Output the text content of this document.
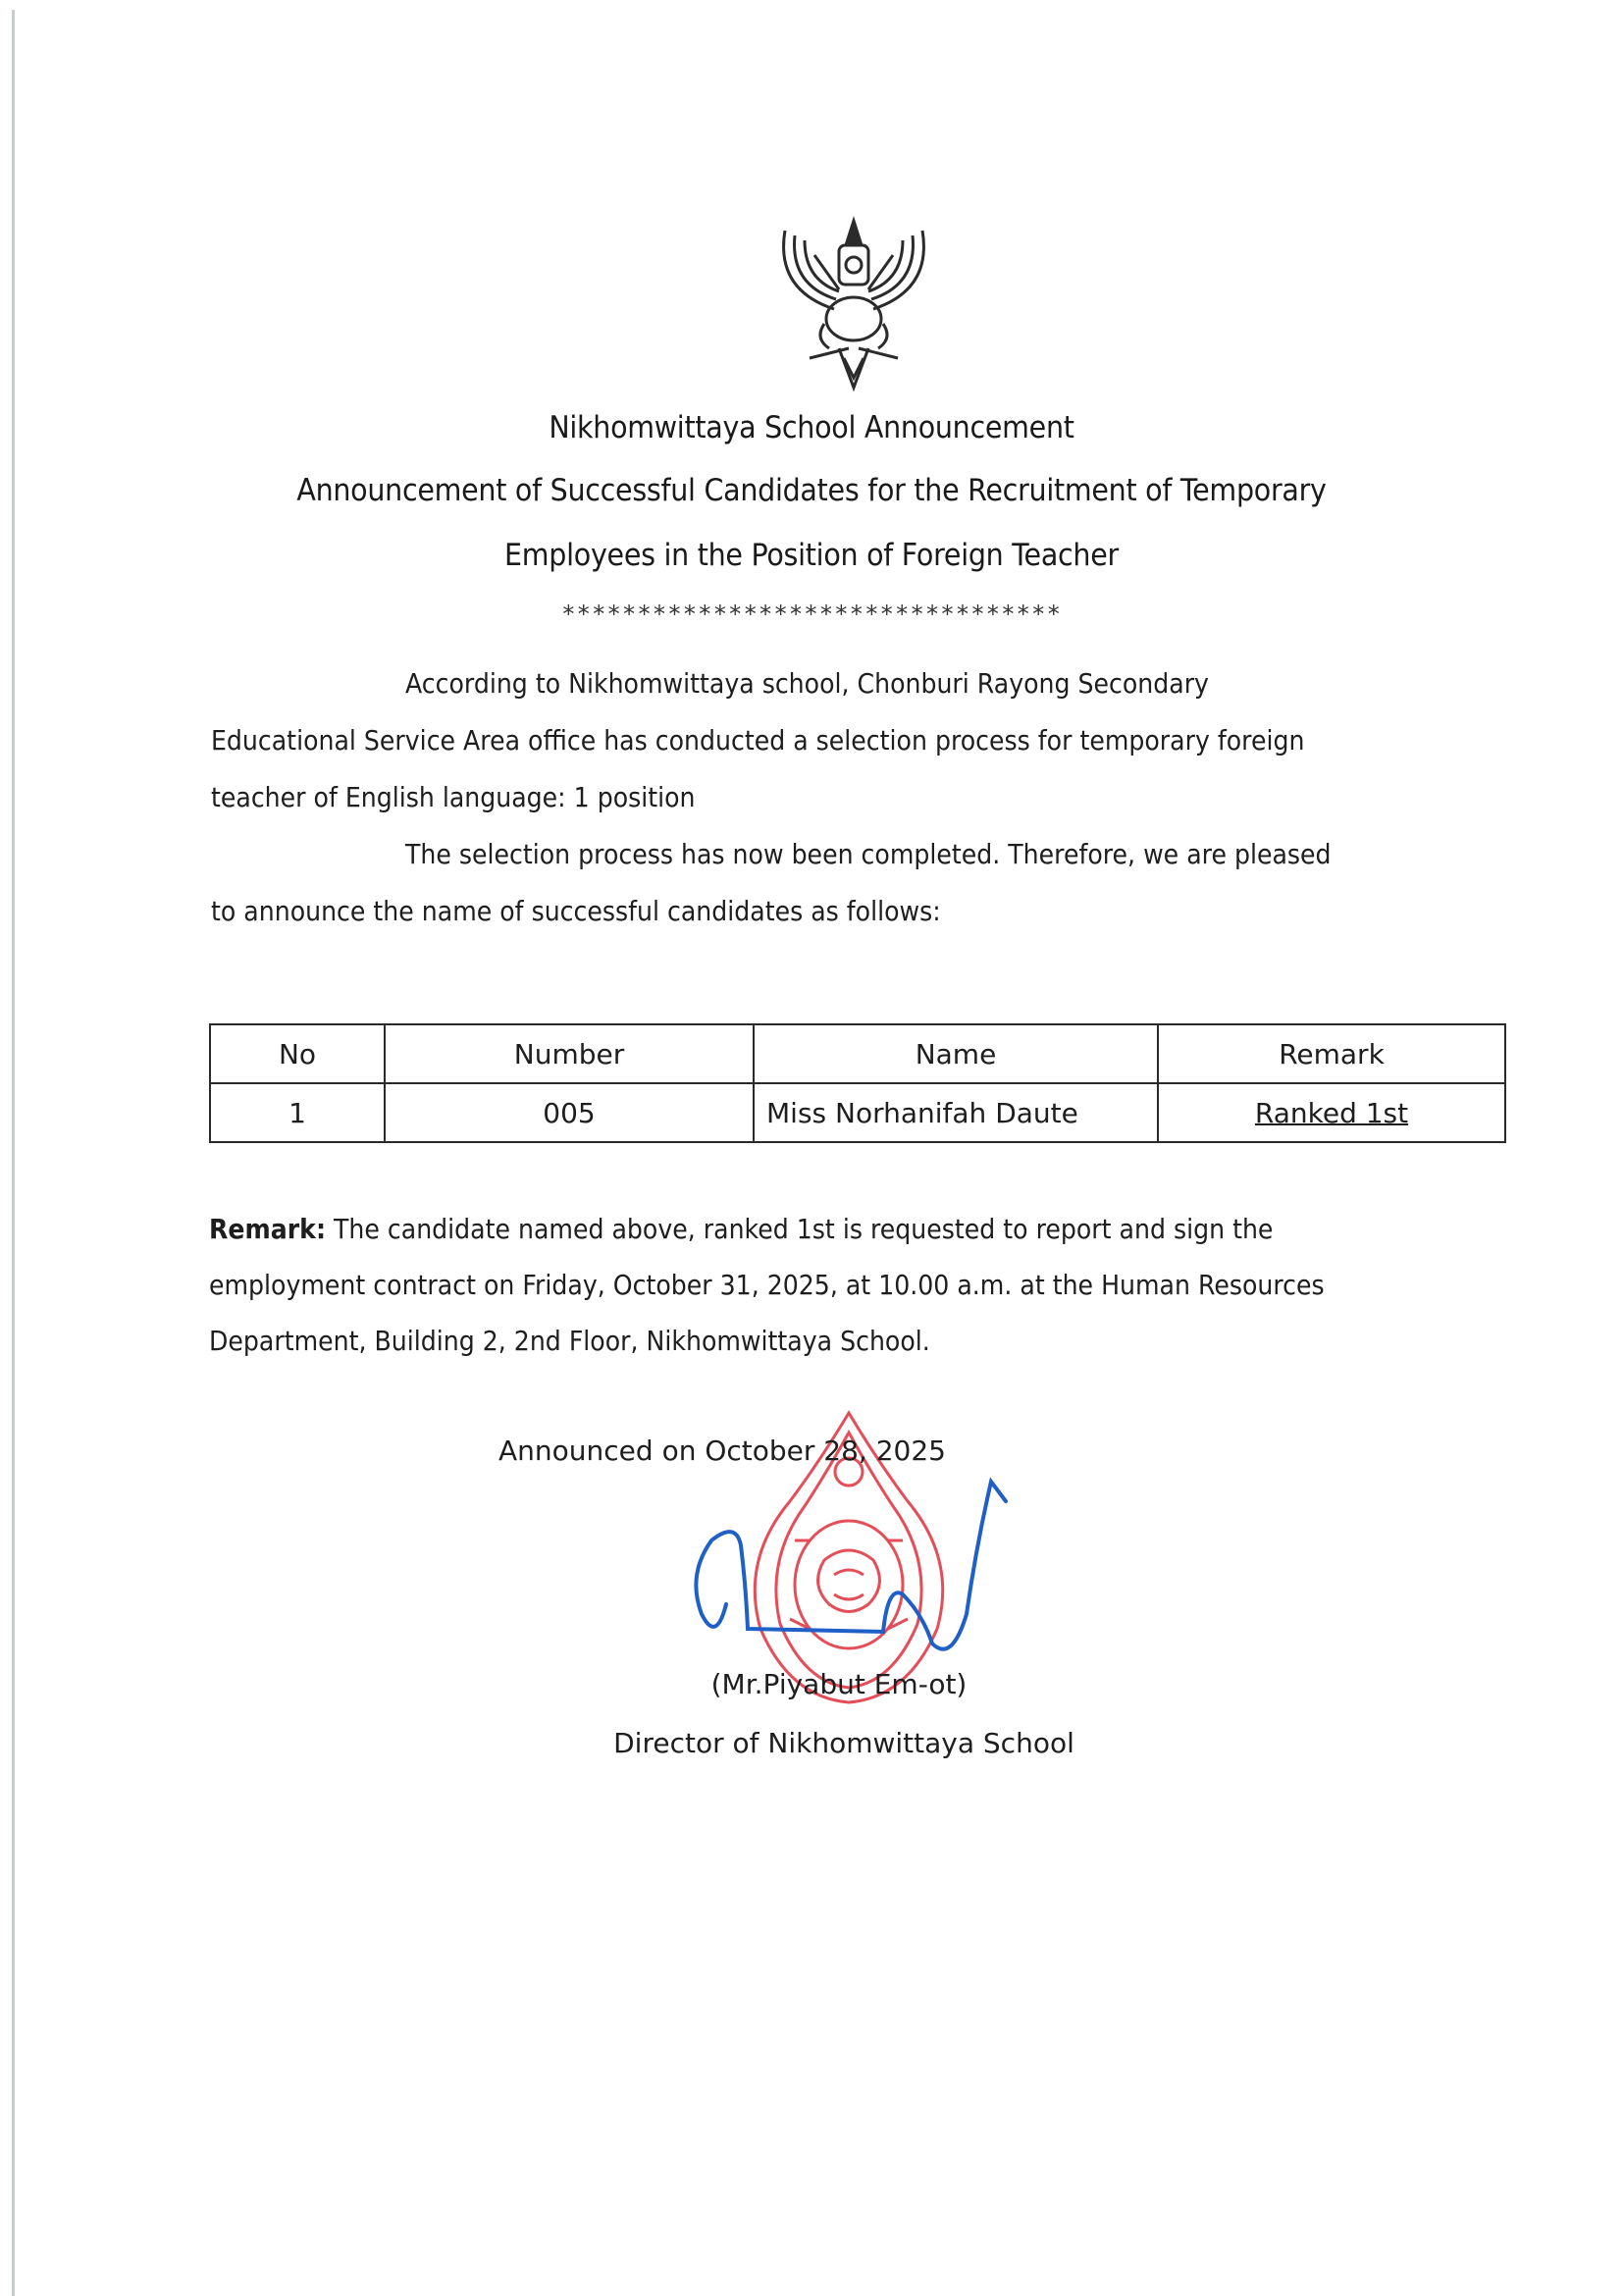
Nikhomwittaya School Announcement
Announcement of Successful Candidates for the Recruitment of Temporary
Employees in the Position of Foreign Teacher
*********************************
According to Nikhomwittaya school, Chonburi Rayong Secondary Educational Service Area office has conducted a selection process for temporary foreign teacher of English language: 1 position
The selection process has now been completed. Therefore, we are pleased to announce the name of successful candidates as follows:
No	Number	Name	Remark
1	005	Miss Norhanifah Daute	Ranked 1st
Remark: The candidate named above, ranked 1st is requested to report and sign the employment contract on Friday, October 31, 2025, at 10.00 a.m. at the Human Resources Department, Building 2, 2nd Floor, Nikhomwittaya School.
Announced on October 28, 2025
(Mr.Piyabut Em-ot)
Director of Nikhomwittaya School
